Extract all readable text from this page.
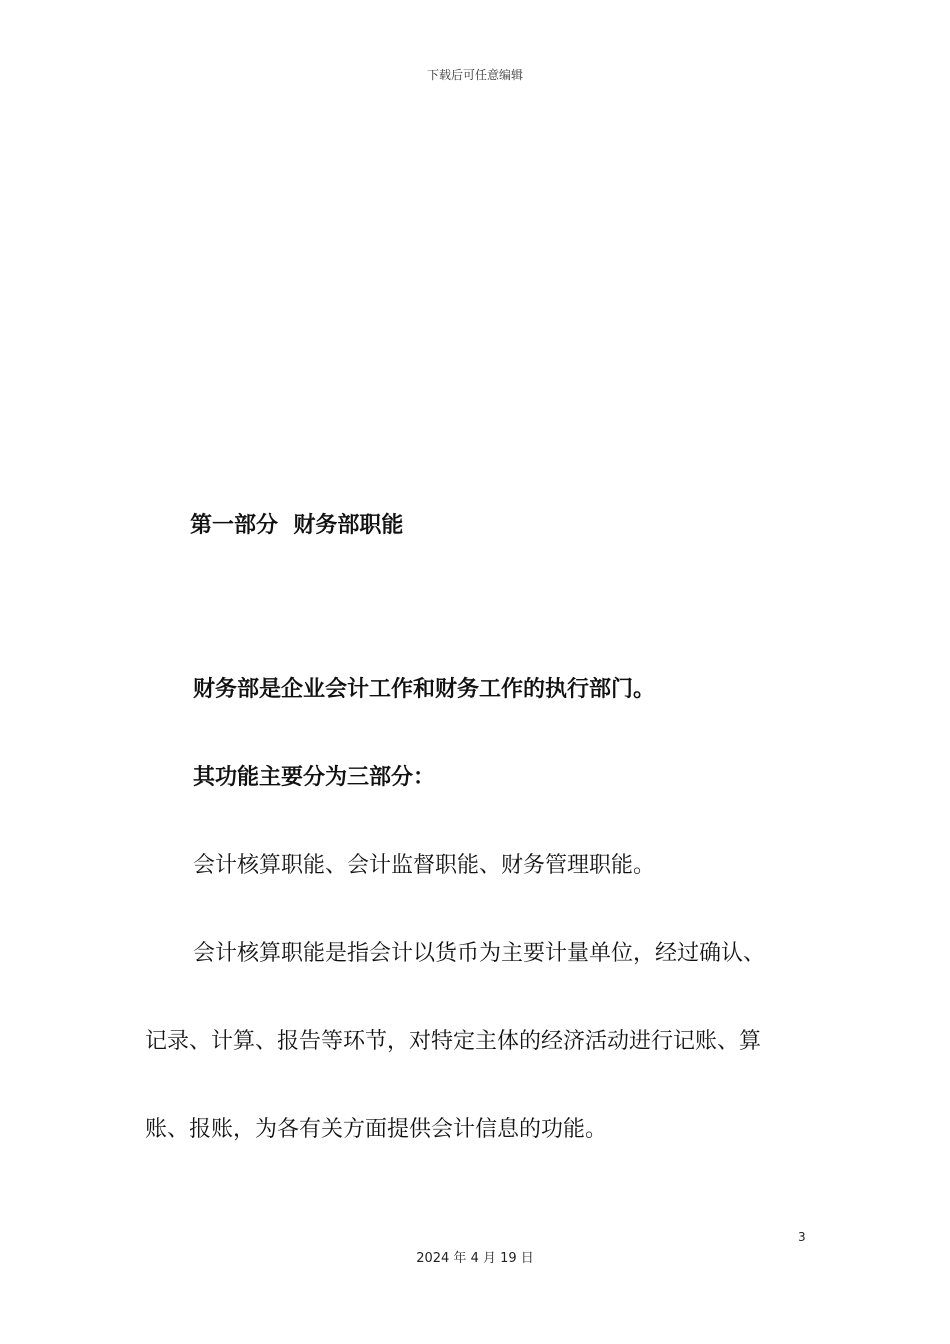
下载后可任意编辑
第一部分  财务部职能
财务部是企业会计工作和财务工作的执行部门。
其功能主要分为三部分：
会计核算职能、会计监督职能、财务管理职能。
会计核算职能是指会计以货币为主要计量单位，经过确认、
记录、计算、报告等环节，对特定主体的经济活动进行记账、算
账、报账，为各有关方面提供会计信息的功能。
3
2024 年 4 月 19 日
